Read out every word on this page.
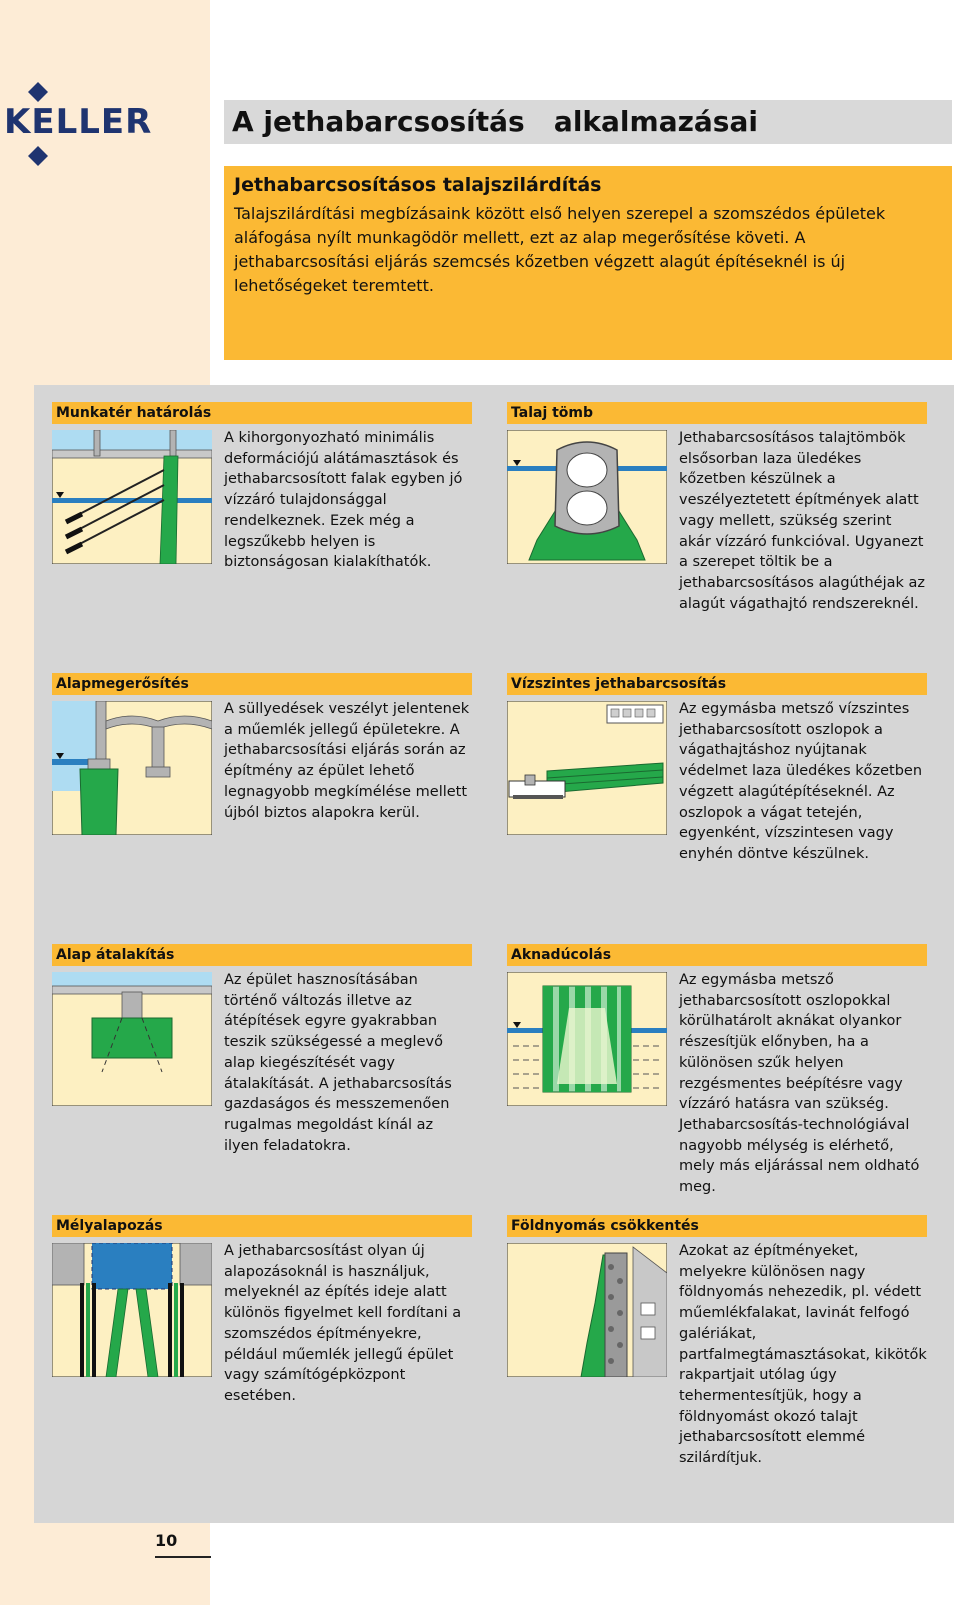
KELLER	A jethabarcsosítás   alkalmazásai
Jethabarcsosításos talajszilárdítás

Talajszilárdítási megbízásaink között első helyen szerepel a szomszédos épületek aláfogása nyílt munkagödör mellett, ezt az alap megerősítése követi. A jethabarcsosítási eljárás szemcsés kőzetben végzett alagút építéseknél is új lehetőségeket teremtett.

Munkatér határolás

A kihorgonyozható minimális deformációjú alátámasztások és jethabarcsosított falak egyben jó vízzáró tulajdonsággal rendelkeznek. Ezek még a legszűkebb helyen is biztonságosan kialakíthatók.

Talaj tömb

Jethabarcsosításos talajtömbök elsősorban laza üledékes kőzetben készülnek a veszélyeztetett építmények alatt vagy mellett, szükség szerint akár vízzáró funkcióval. Ugyanezt a szerepet töltik be a jethabarcsosításos alagúthéjak az alagút vágathajtó rendszereknél.

Alapmegerősítés

A süllyedések veszélyt jelentenek a műemlék jellegű épületekre. A jethabarcsosítási eljárás során az építmény az épület lehető legnagyobb megkímélése mellett újból biztos alapokra kerül.

Vízszintes jethabarcsosítás

Az egymásba metsző vízszintes jethabarcsosított oszlopok a vágathajtáshoz nyújtanak védelmet laza üledékes kőzetben végzett alagútépítéseknél. Az oszlopok a vágat tetején, egyenként, vízszintesen vagy enyhén döntve készülnek.

Alap átalakítás

Az épület hasznosításában történő változás illetve az átépítések egyre gyakrabban teszik szükségessé a meglevő alap kiegészítését vagy átalakítását. A jethabarcsosítás gazdaságos és messzemenően rugalmas megoldást kínál az ilyen feladatokra.

Aknadúcolás

Az egymásba metsző jethabarcsosított oszlopokkal körülhatárolt aknákat olyankor részesítjük előnyben, ha a különösen szűk helyen rezgésmentes beépítésre vagy vízzáró hatásra van szükség. Jethabarcsosítás-technológiával nagyobb mélység is elérhető, mely más eljárással nem oldható meg.

Mélyalapozás

A jethabarcsosítást olyan új alapozásoknál is használjuk, melyeknél az építés ideje alatt különös figyelmet kell fordítani a szomszédos építményekre, például műemlék jellegű épület vagy számítógépközpont esetében.

Földnyomás csökkentés

Azokat az építményeket, melyekre különösen nagy földnyomás nehezedik, pl. védett műemlékfalakat, lavinát felfogó galériákat, partfalmegtámasztásokat, kikötők rakpartjait utólag úgy tehermentesítjük, hogy a földnyomást okozó talajt jethabarcsosított elemmé szilárdítjuk.

10
